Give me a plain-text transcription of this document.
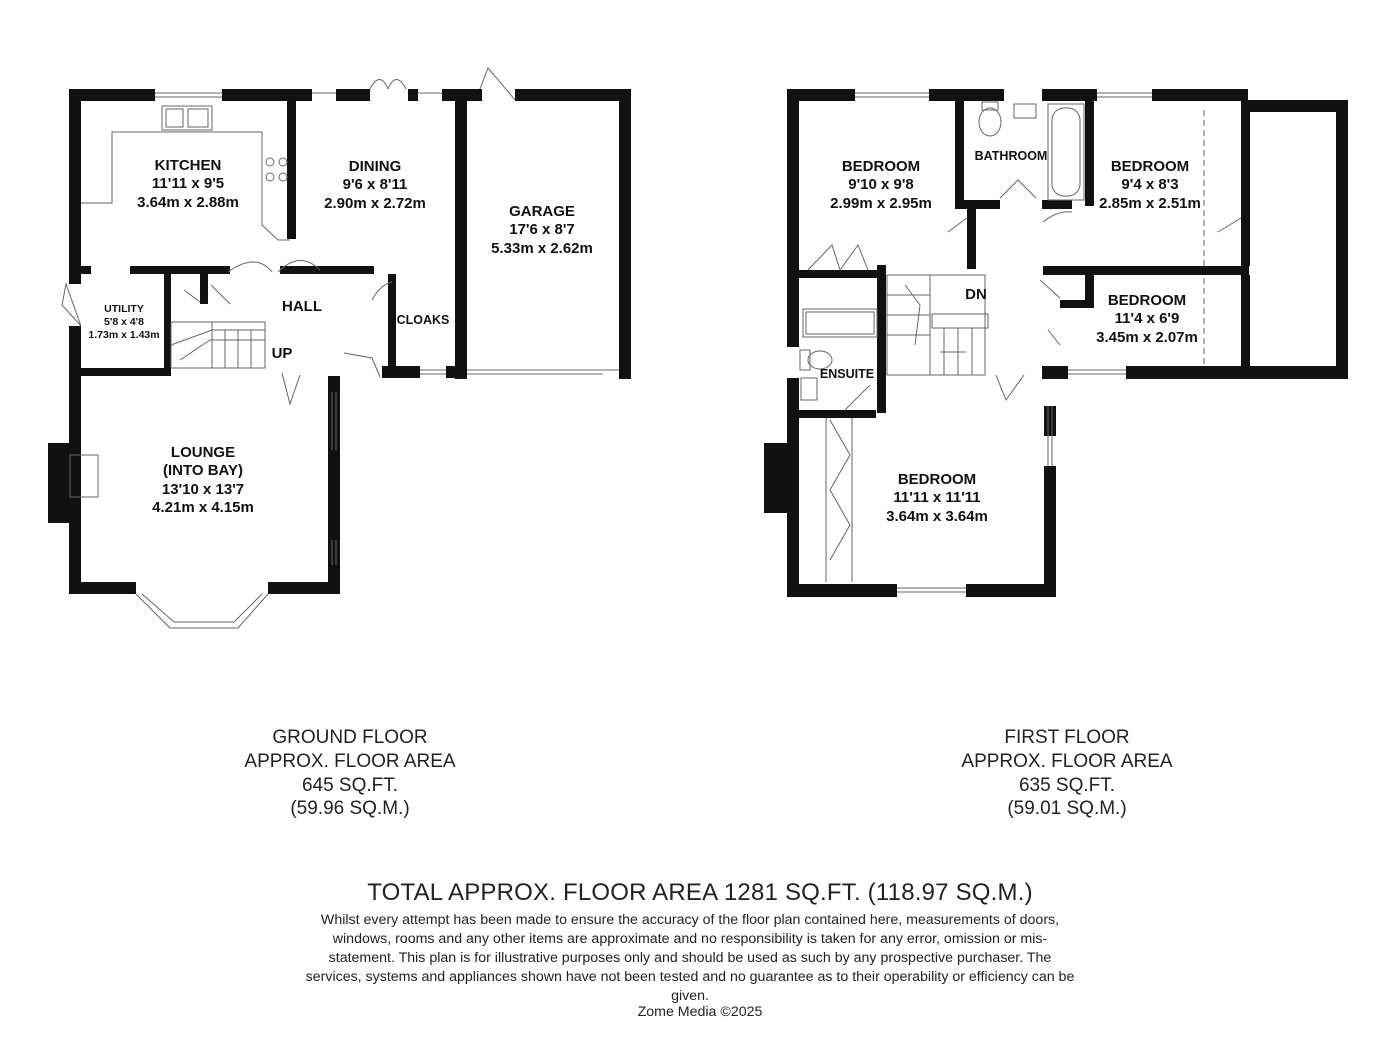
KITCHEN
11'11 x 9'5
3.64m x 2.88m
DINING
9'6 x 8'11
2.90m x 2.72m	GARAGE
17'6 x 8'7
5.33m x 2.62m
UTILITY
5'8 x 4'8
1.73m x 1.43m
HALL
CLOAKS
UP
LOUNGE
(INTO BAY)
13'10 x 13'7
4.21m x 4.15m
BEDROOM
9'10 x 9'8
2.99m x 2.95m
BATHROOM
BEDROOM
9'4 x 8'3
2.85m x 2.51m
DN	BEDROOM
11'4 x 6'9
3.45m x 2.07m
ENSUITE
BEDROOM
11'11 x 11'11
3.64m x 3.64m
GROUND FLOOR
APPROX. FLOOR AREA
645 SQ.FT.
(59.96 SQ.M.)
FIRST FLOOR
APPROX. FLOOR AREA
635 SQ.FT.
(59.01 SQ.M.)
TOTAL APPROX. FLOOR AREA 1281 SQ.FT. (118.97 SQ.M.)
Whilst every attempt has been made to ensure the accuracy of the floor plan contained here, measurements of doors, windows, rooms and any other items are approximate and no responsibility is taken for any error, omission or mis-statement. This plan is for illustrative purposes only and should be used as such by any prospective purchaser. The services, systems and appliances shown have not been tested and no guarantee as to their operability or efficiency can be given.
Zome Media ©2025
